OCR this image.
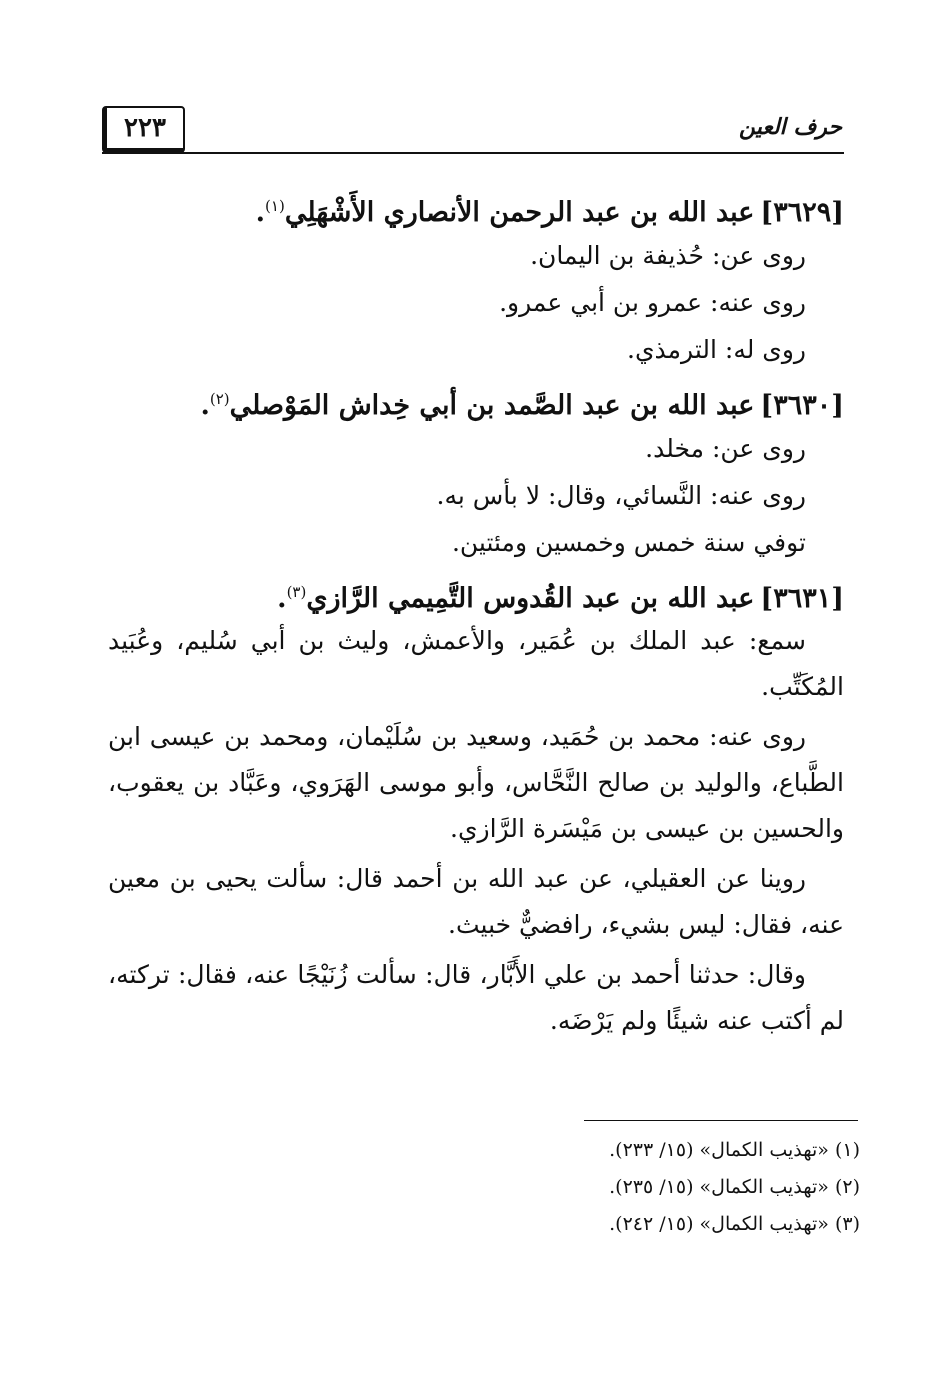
٢٢٣	حرف العين
[٣٦٢٩]عبد الله بن عبد الرحمن الأنصاري الأَشْهَلِي$^{(١)}$.
روى عن: حُذيفة بن اليمان.
روى عنه: عمرو بن أبي عمرو.
روى له: الترمذي.
[٣٦٣٠]عبد الله بن عبد الصَّمد بن أبي خِداش المَوْصلي$^{(٢)}$.
روى عن: مخلد.
روى عنه: النَّسائي، وقال: لا بأس به.
توفي سنة خمس وخمسين ومئتين.
[٣٦٣١]عبد الله بن عبد القُدوس التَّمِيمي الرَّازي$^{(٣)}$.
سمع: عبد الملك بن عُمَير، والأعمش، وليث بن أبي سُليم، وعُبَيد المُكَتِّب.
روى عنه: محمد بن حُمَيد، وسعيد بن سُلَيْمان، ومحمد بن عيسى ابن الطَّباع، والوليد بن صالح النَّحَّاس، وأبو موسى الهَرَوي، وعَبَّاد بن يعقوب، والحسين بن عيسى بن مَيْسَرة الرَّازي.
روينا عن العقيلي، عن عبد الله بن أحمد قال: سألت يحيى بن معين عنه، فقال: ليس بشيء، رافضيٌّ خبيث.
وقال: حدثنا أحمد بن علي الأَبَّار، قال: سألت زُنَيْجًا عنه، فقال: تركته، لم أكتب عنه شيئًا ولم يَرْضَه.
(١) «تهذيب الكمال» (١٥/ ٢٣٣).
(٢) «تهذيب الكمال» (١٥/ ٢٣٥).
(٣) «تهذيب الكمال» (١٥/ ٢٤٢).
